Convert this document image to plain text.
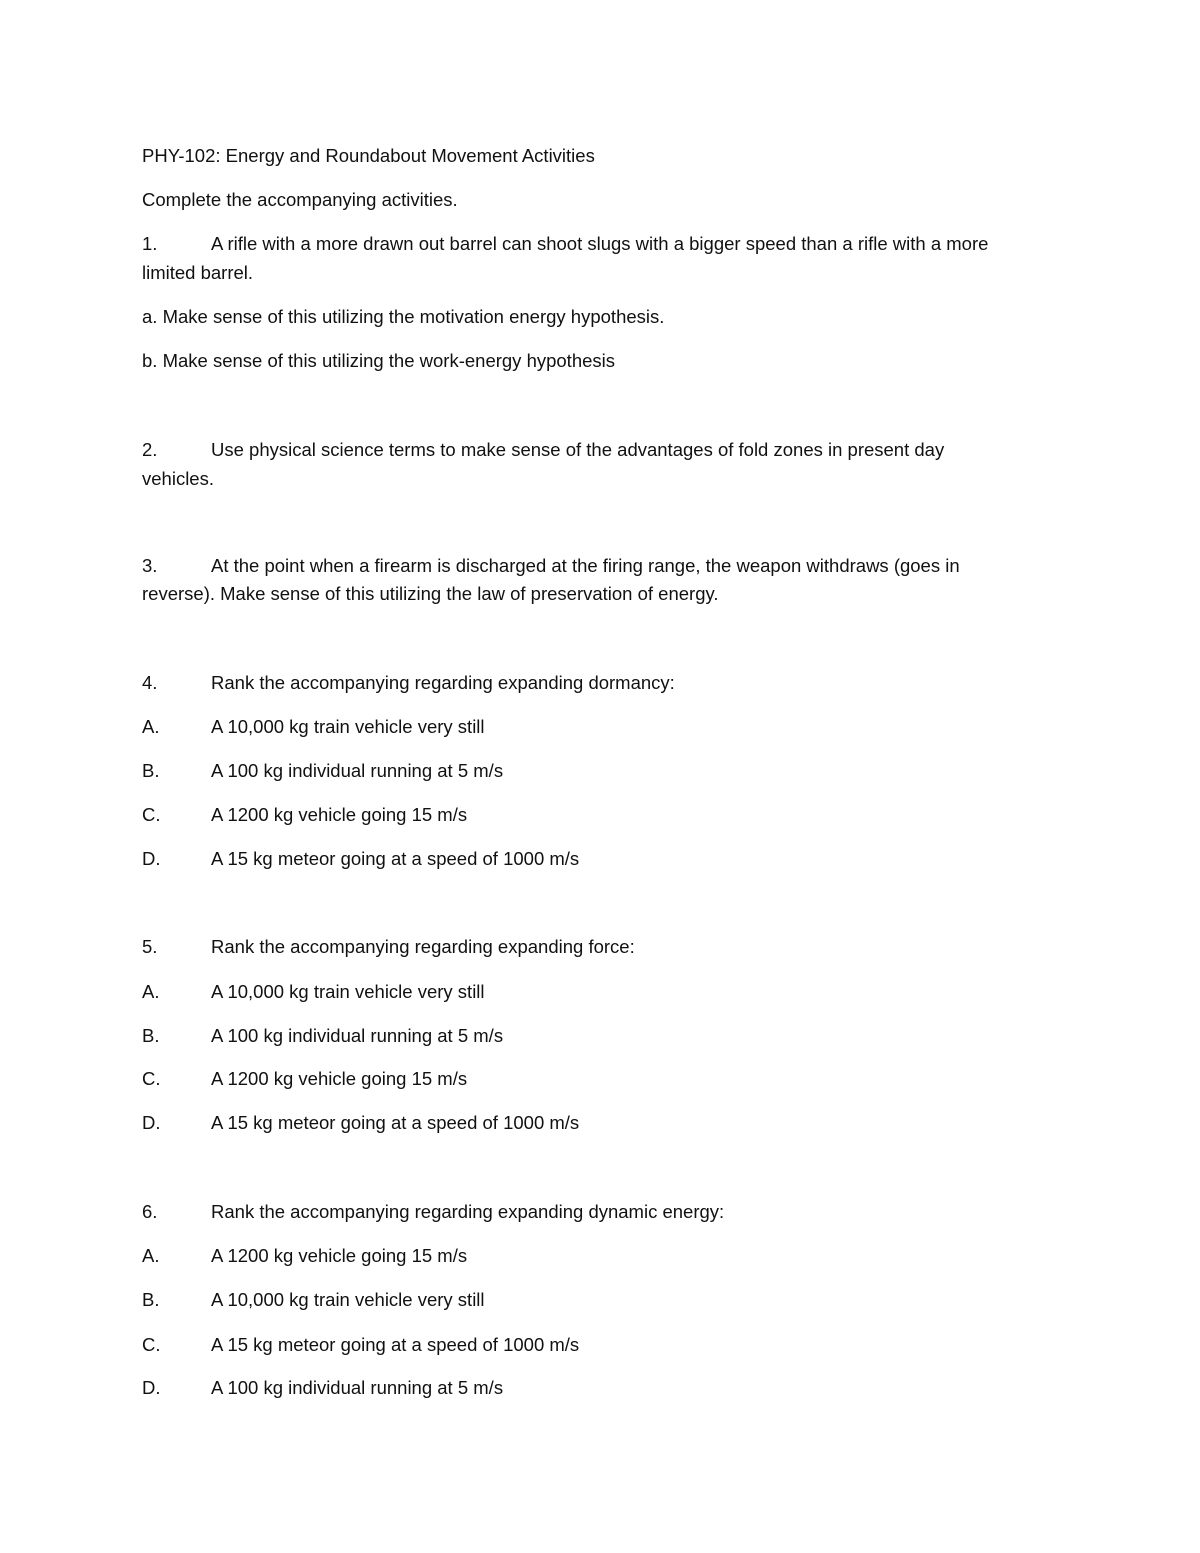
PHY-102: Energy and Roundabout Movement Activities
Complete the accompanying activities.
1.	A rifle with a more drawn out barrel can shoot slugs with a bigger speed than a rifle with a more
limited barrel.
a. Make sense of this utilizing the motivation energy hypothesis.
b. Make sense of this utilizing the work-energy hypothesis
2.	Use physical science terms to make sense of the advantages of fold zones in present day
vehicles.
3.	At the point when a firearm is discharged at the firing range, the weapon withdraws (goes in
reverse). Make sense of this utilizing the law of preservation of energy.
4.	Rank the accompanying regarding expanding dormancy:
A.	A 10,000 kg train vehicle very still
B.	A 100 kg individual running at 5 m/s
C.	A 1200 kg vehicle going 15 m/s
D.	A 15 kg meteor going at a speed of 1000 m/s
5.	Rank the accompanying regarding expanding force:
A.	A 10,000 kg train vehicle very still
B.	A 100 kg individual running at 5 m/s
C.	A 1200 kg vehicle going 15 m/s
D.	A 15 kg meteor going at a speed of 1000 m/s
6.	Rank the accompanying regarding expanding dynamic energy:
A.	A 1200 kg vehicle going 15 m/s
B.	A 10,000 kg train vehicle very still
C.	A 15 kg meteor going at a speed of 1000 m/s
D.	A 100 kg individual running at 5 m/s
